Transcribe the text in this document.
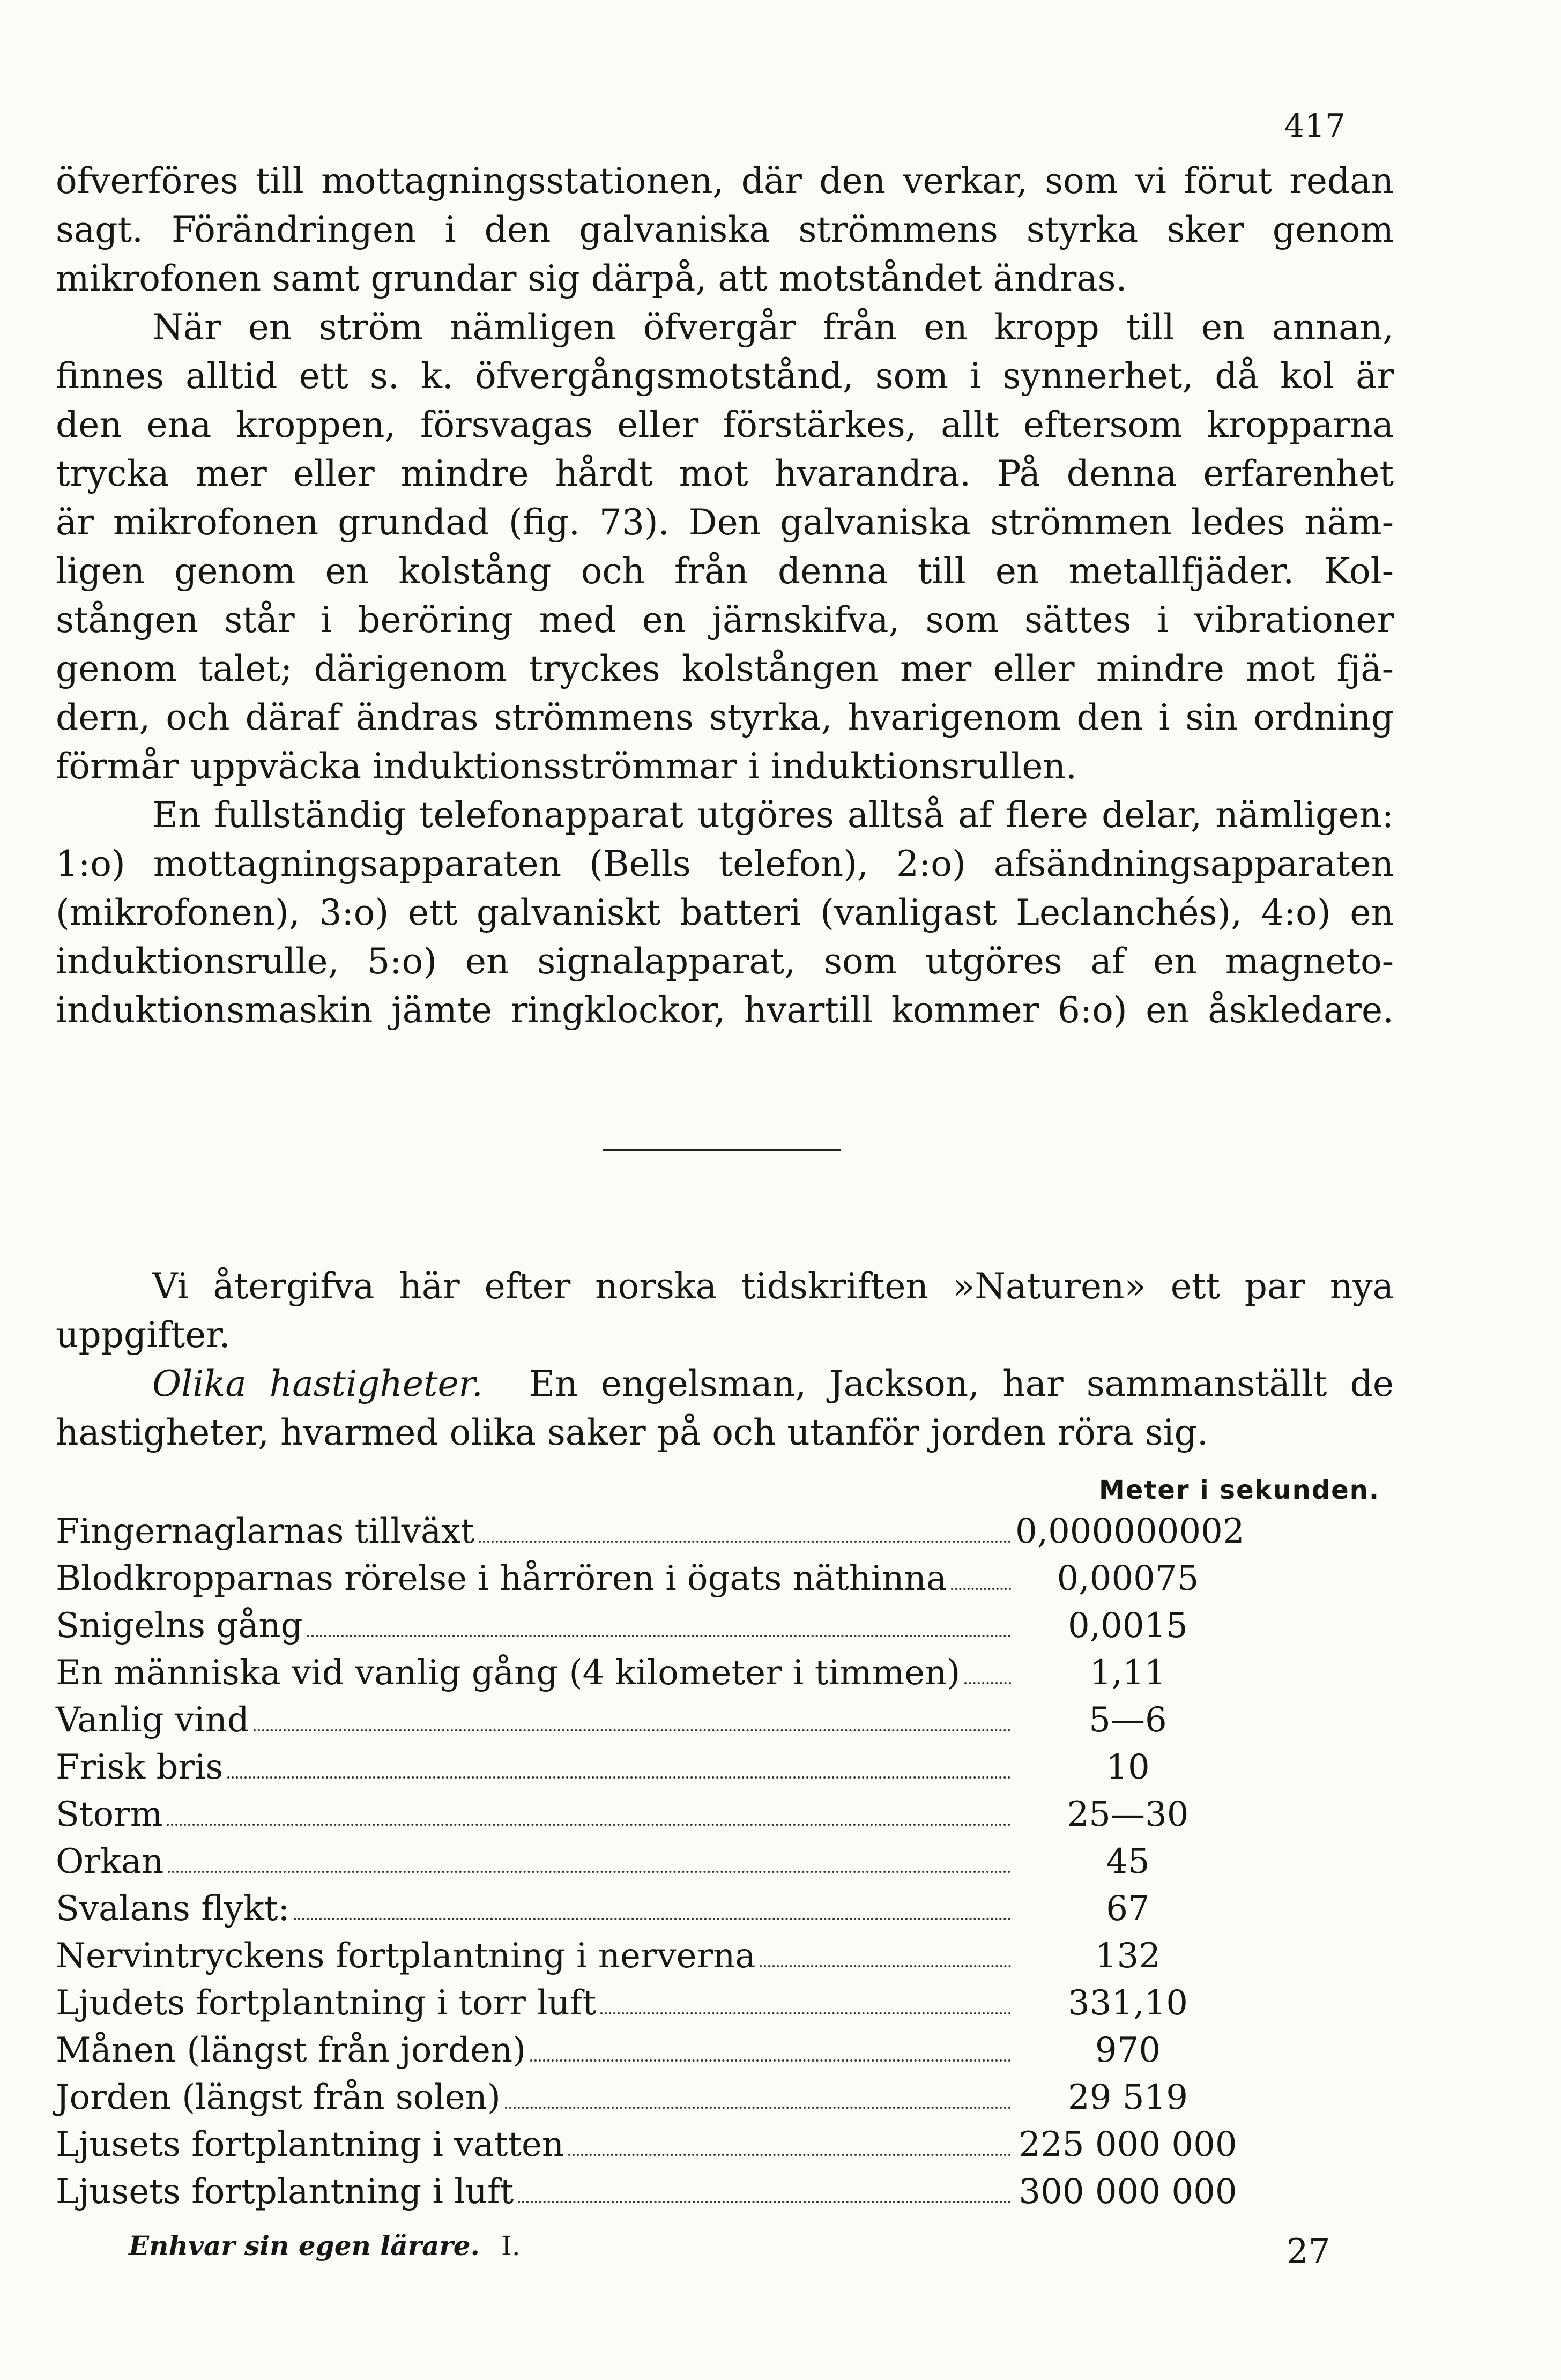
417
öfverföres till mottagningsstationen, där den verkar, som vi förut redan
sagt. Förändringen i den galvaniska strömmens styrka sker genom
mikrofonen samt grundar sig därpå, att motståndet ändras.
När en ström nämligen öfvergår från en kropp till en annan,
finnes alltid ett s. k. öfvergångsmotstånd, som i synnerhet, då kol är
den ena kroppen, försvagas eller förstärkes, allt eftersom kropparna
trycka mer eller mindre hårdt mot hvarandra. På denna erfarenhet
är mikrofonen grundad (fig. 73). Den galvaniska strömmen ledes näm-
ligen genom en kolstång och från denna till en metallfjäder. Kol-
stången står i beröring med en järnskifva, som sättes i vibrationer
genom talet; därigenom tryckes kolstången mer eller mindre mot fjä-
dern, och däraf ändras strömmens styrka, hvarigenom den i sin ordning
förmår uppväcka induktionsströmmar i induktionsrullen.
En fullständig telefonapparat utgöres alltså af flere delar, nämligen:
1:o) mottagningsapparaten (Bells telefon), 2:o) afsändningsapparaten
(mikrofonen), 3:o) ett galvaniskt batteri (vanligast Leclanchés), 4:o) en
induktionsrulle, 5:o) en signalapparat, som utgöres af en magneto-
induktionsmaskin jämte ringklockor, hvartill kommer 6:o) en åskledare.
Vi återgifva här efter norska tidskriften »Naturen» ett par nya
uppgifter.
Olika hastigheter. En engelsman, Jackson, har sammanställt de
hastigheter, hvarmed olika saker på och utanför jorden röra sig.
Meter i sekunden.
Fingernaglarnas tillväxt	0,000000002
Blodkropparnas rörelse i hårrören i ögats näthinna	0,00075
Snigelns gång	0,0015
En människa vid vanlig gång (4 kilometer i timmen)	1,11
Vanlig vind	5—6
Frisk bris	10
Storm	25—30
Orkan	45
Svalans flykt:	67
Nervintryckens fortplantning i nerverna	132
Ljudets fortplantning i torr luft	331,10
Månen (längst från jorden)	970
Jorden (längst från solen)	29 519
Ljusets fortplantning i vatten	225 000 000
Ljusets fortplantning i luft	300 000 000
Enhvar sin egen lärare. I.	27
